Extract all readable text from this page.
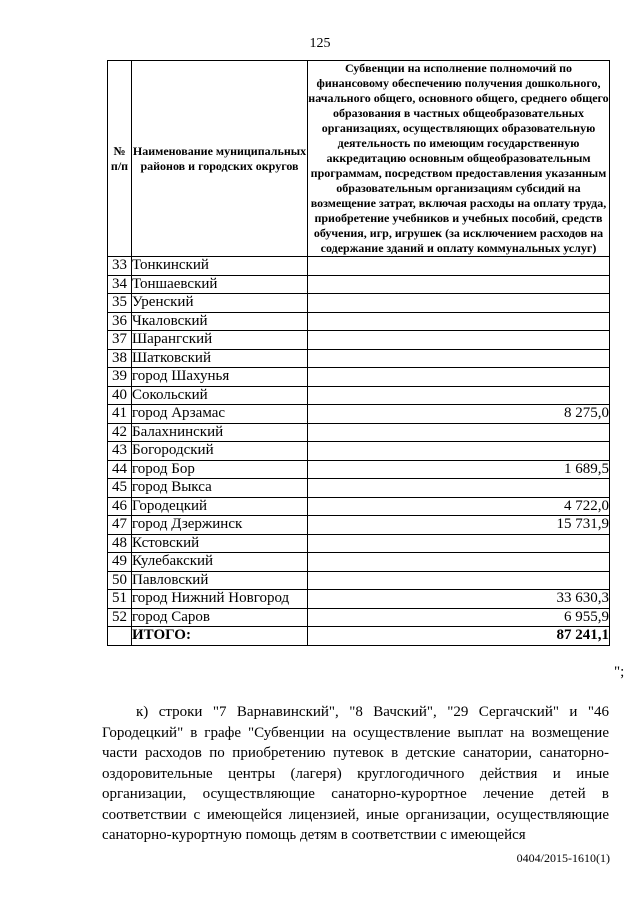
125
№ п/п	Наименование муниципальных районов и городских округов	Субвенции на исполнение полномочий по финансовому обеспечению получения дошкольного, начального общего, основного общего, среднего общего образования в частных общеобразовательных организациях, осуществляющих образовательную деятельность по имеющим государственную аккредитацию основным общеобразовательным программам, посредством предоставления указанным образовательным организациям субсидий на возмещение затрат, включая расходы на оплату труда, приобретение учебников и учебных пособий, средств обучения, игр, игрушек (за исключением расходов на содержание зданий и оплату коммунальных услуг)
33	Тонкинский	
34	Тоншаевский	
35	Уренский	
36	Чкаловский	
37	Шарангский	
38	Шатковский	
39	город Шахунья	
40	Сокольский	
41	город Арзамас	8 275,0
42	Балахнинский	
43	Богородский	
44	город Бор	1 689,5
45	город Выкса	
46	Городецкий	4 722,0
47	город Дзержинск	15 731,9
48	Кстовский	
49	Кулебакский	
50	Павловский	
51	город Нижний Новгород	33 630,3
52	город Саров	6 955,9
	ИТОГО:	87 241,1
";

к) строки "7 Варнавинский", "8 Вачский", "29 Сергачский" и "46 Городецкий" в графе "Субвенции на осуществление выплат на возмещение части расходов по приобретению путевок в детские санатории, санаторно-оздоровительные центры (лагеря) круглогодичного действия и иные организации, осуществляющие санаторно-курортное лечение детей в соответствии с имеющейся лицензией, иные организации, осуществляющие санаторно-курортную помощь детям в соответствии с имеющейся

0404/2015-1610(1)
